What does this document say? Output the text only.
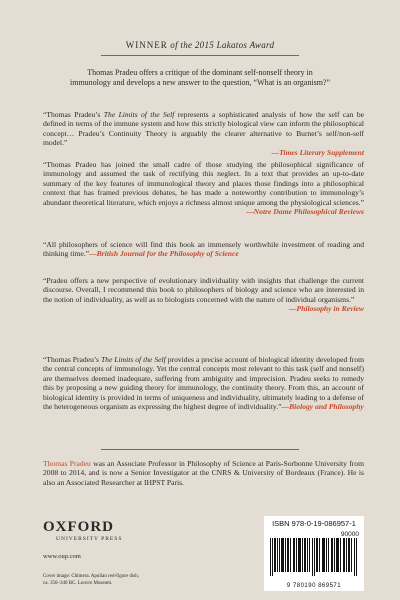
WINNER of the 2015 Lakatos Award
Thomas Pradeu offers a critique of the dominant self-nonself theory in immunology and develops a new answer to the question, “What is an organism?”
“Thomas Pradeu’s The Limits of the Self represents a sophisticated analysis of how the self can be defined in terms of the immune system and how this strictly biological view can inform the philosophical concept… Pradeu’s Continuity Theory is arguably the clearer alternative to Burnet’s self/non-self model.”
—Times Literary Supplement
“Thomas Pradeu has joined the small cadre of those studying the philosophical significance of immunology and assumed the task of rectifying this neglect. In a text that provides an up-to-date summary of the key features of immunological theory and places those findings into a philosophical context that has framed previous debates, he has made a noteworthy contribution to immunology’s abundant theoretical literature, which enjoys a richness almost unique among the physiological sciences.”
—Notre Dame Philosophical Reviews
“All philosophers of science will find this book an immensely worthwhile investment of reading and thinking time.”—British Journal for the Philosophy of Science
“Pradeu offers a new perspective of evolutionary individuality with insights that challenge the current discourse. Overall, I recommend this book to philosophers of biology and science who are interested in the notion of individuality, as well as to biologists concerned with the nature of individual organisms.”
—Philosophy in Review
“Thomas Pradeu’s The Limits of the Self provides a precise account of biological identity developed from the central concepts of immunology. Yet the central concepts most relevant to this task (self and nonself) are themselves deemed inadequate, suffering from ambiguity and imprecision. Pradeu seeks to remedy this by proposing a new guiding theory for immunology, the continuity theory. From this, an account of biological identity is provided in terms of uniqueness and individuality, ultimately leading to a defense of the heterogeneous organism as expressing the highest degree of individuality.”—Biology and Philosophy
Thomas Pradeu was an Associate Professor in Philosophy of Science at Paris-Sorbonne University from 2008 to 2014, and is now a Senior Investigator at the CNRS & University of Bordeaux (France). He is also an Associated Researcher at IHPST Paris.
OXFORD
UNIVERSITY PRESS
www.oup.com
Cover image: Chimera. Apulian red-figure dish,
ca. 350–340 BC. Louvre Museum.
ISBN 978-0-19-086957-1
90000
9 780190 869571
